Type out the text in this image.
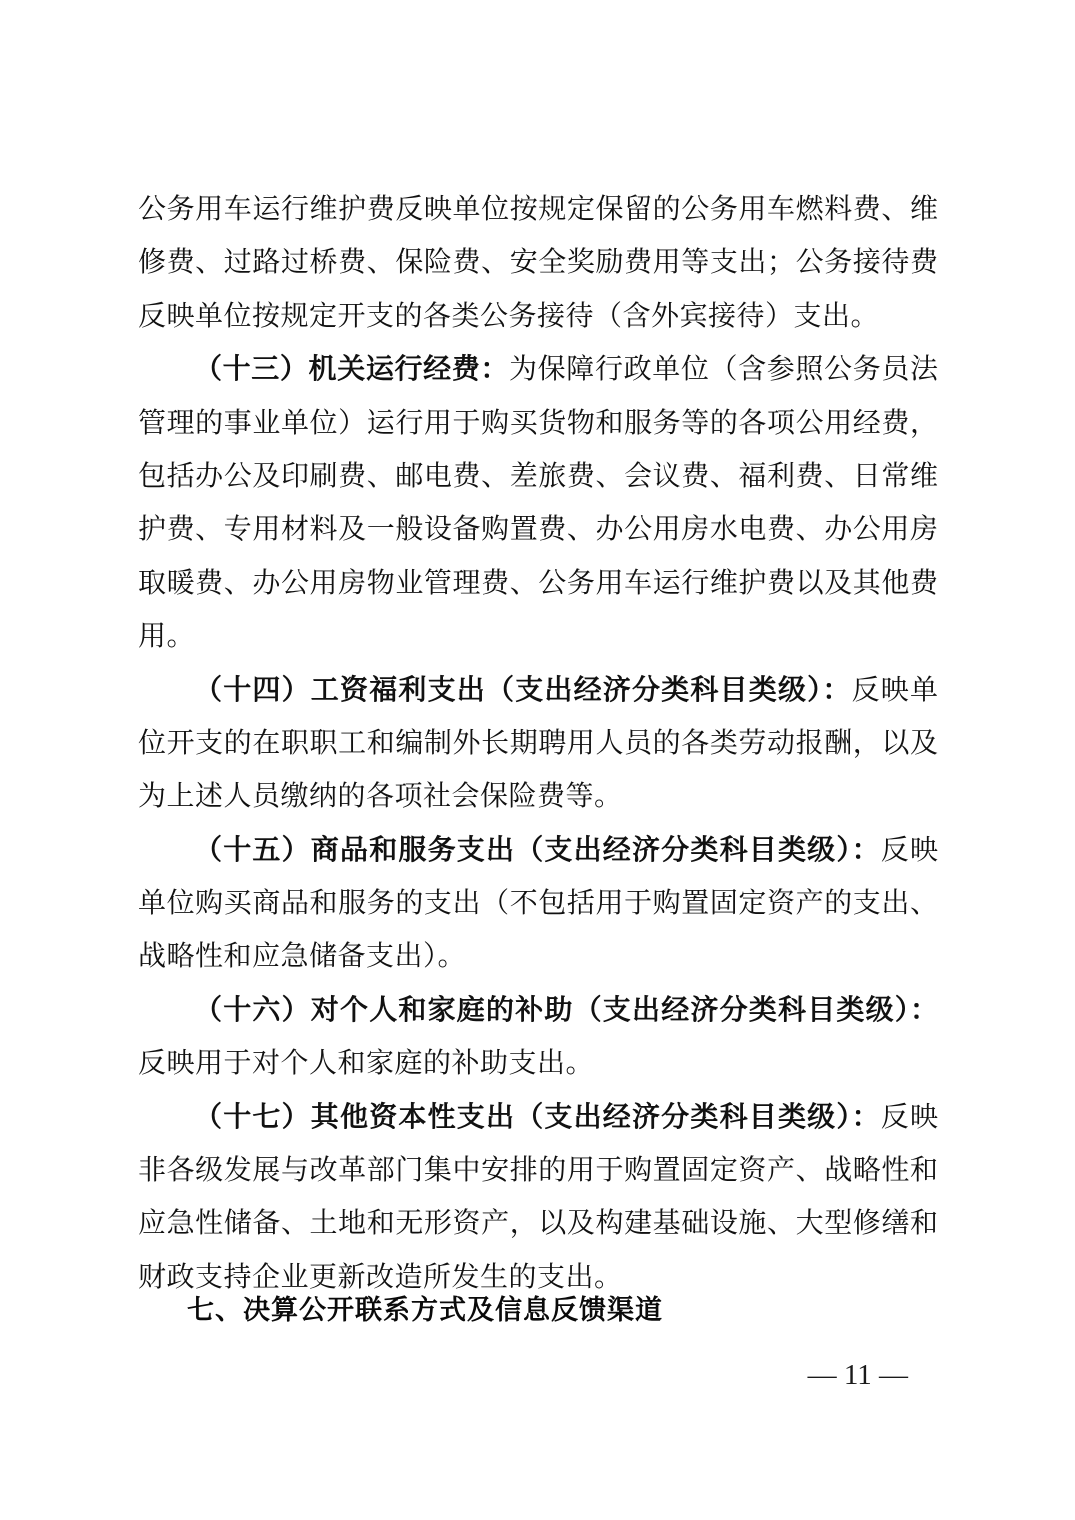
公务用车运行维护费反映单位按规定保留的公务用车燃料费、维
修费、过路过桥费、保险费、安全奖励费用等支出；公务接待费
反映单位按规定开支的各类公务接待（含外宾接待）支出。
（十三）机关运行经费：为保障行政单位（含参照公务员法
管理的事业单位）运行用于购买货物和服务等的各项公用经费，
包括办公及印刷费、邮电费、差旅费、会议费、福利费、日常维
护费、专用材料及一般设备购置费、办公用房水电费、办公用房
取暖费、办公用房物业管理费、公务用车运行维护费以及其他费
用。
（十四）工资福利支出（支出经济分类科目类级）：反映单
位开支的在职职工和编制外长期聘用人员的各类劳动报酬，以及
为上述人员缴纳的各项社会保险费等。
（十五）商品和服务支出（支出经济分类科目类级）：反映
单位购买商品和服务的支出（不包括用于购置固定资产的支出、
战略性和应急储备支出）。
（十六）对个人和家庭的补助（支出经济分类科目类级）：
反映用于对个人和家庭的补助支出。
（十七）其他资本性支出（支出经济分类科目类级）：反映
非各级发展与改革部门集中安排的用于购置固定资产、战略性和
应急性储备、土地和无形资产，以及构建基础设施、大型修缮和
财政支持企业更新改造所发生的支出。
七、决算公开联系方式及信息反馈渠道
— 11 —
